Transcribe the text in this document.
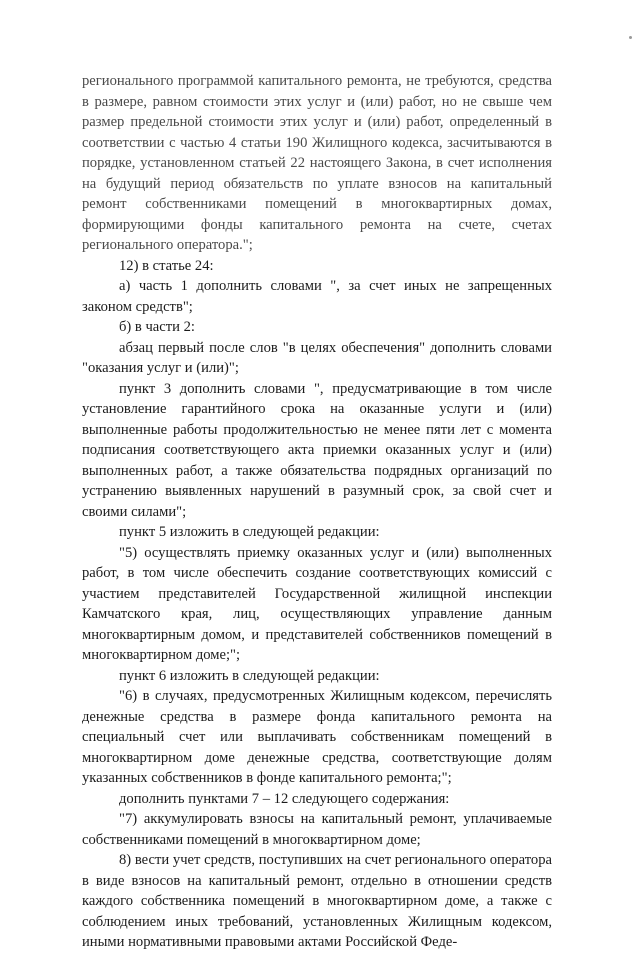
регионального программой капитального ремонта, не требуются, средства в размере, равном стоимости этих услуг и (или) работ, но не свыше чем размер предельной стоимости этих услуг и (или) работ, определенный в соответствии с частью 4 статьи 190 Жилищного кодекса, засчитываются в порядке, установленном статьей 22 настоящего Закона, в счет исполнения на будущий период обязательств по уплате взносов на капитальный ремонт собственниками помещений в многоквартирных домах, формирующими фонды капитального ремонта на счете, счетах регионального оператора.";

12) в статье 24:

а) часть 1 дополнить словами ", за счет иных не запрещенных законом средств";

б) в части 2:

абзац первый после слов "в целях обеспечения" дополнить словами "оказания услуг и (или)";

пункт 3 дополнить словами ", предусматривающие в том числе установление гарантийного срока на оказанные услуги и (или) выполненные работы продолжительностью не менее пяти лет с момента подписания соответствующего акта приемки оказанных услуг и (или) выполненных работ, а также обязательства подрядных организаций по устранению выявленных нарушений в разумный срок, за свой счет и своими силами";

пункт 5 изложить в следующей редакции:

"5) осуществлять приемку оказанных услуг и (или) выполненных работ, в том числе обеспечить создание соответствующих комиссий с участием представителей Государственной жилищной инспекции Камчатского края, лиц, осуществляющих управление данным многоквартирным домом, и представителей собственников помещений в многоквартирном доме;";

пункт 6 изложить в следующей редакции:

"6) в случаях, предусмотренных Жилищным кодексом, перечислять денежные средства в размере фонда капитального ремонта на специальный счет или выплачивать собственникам помещений в многоквартирном доме денежные средства, соответствующие долям указанных собственников в фонде капитального ремонта;";

дополнить пунктами 7 – 12 следующего содержания:

"7) аккумулировать взносы на капитальный ремонт, уплачиваемые собственниками помещений в многоквартирном доме;

8) вести учет средств, поступивших на счет регионального оператора в виде взносов на капитальный ремонт, отдельно в отношении средств каждого собственника помещений в многоквартирном доме, а также с соблюдением иных требований, установленных Жилищным кодексом, иными нормативными правовыми актами Российской Феде-
